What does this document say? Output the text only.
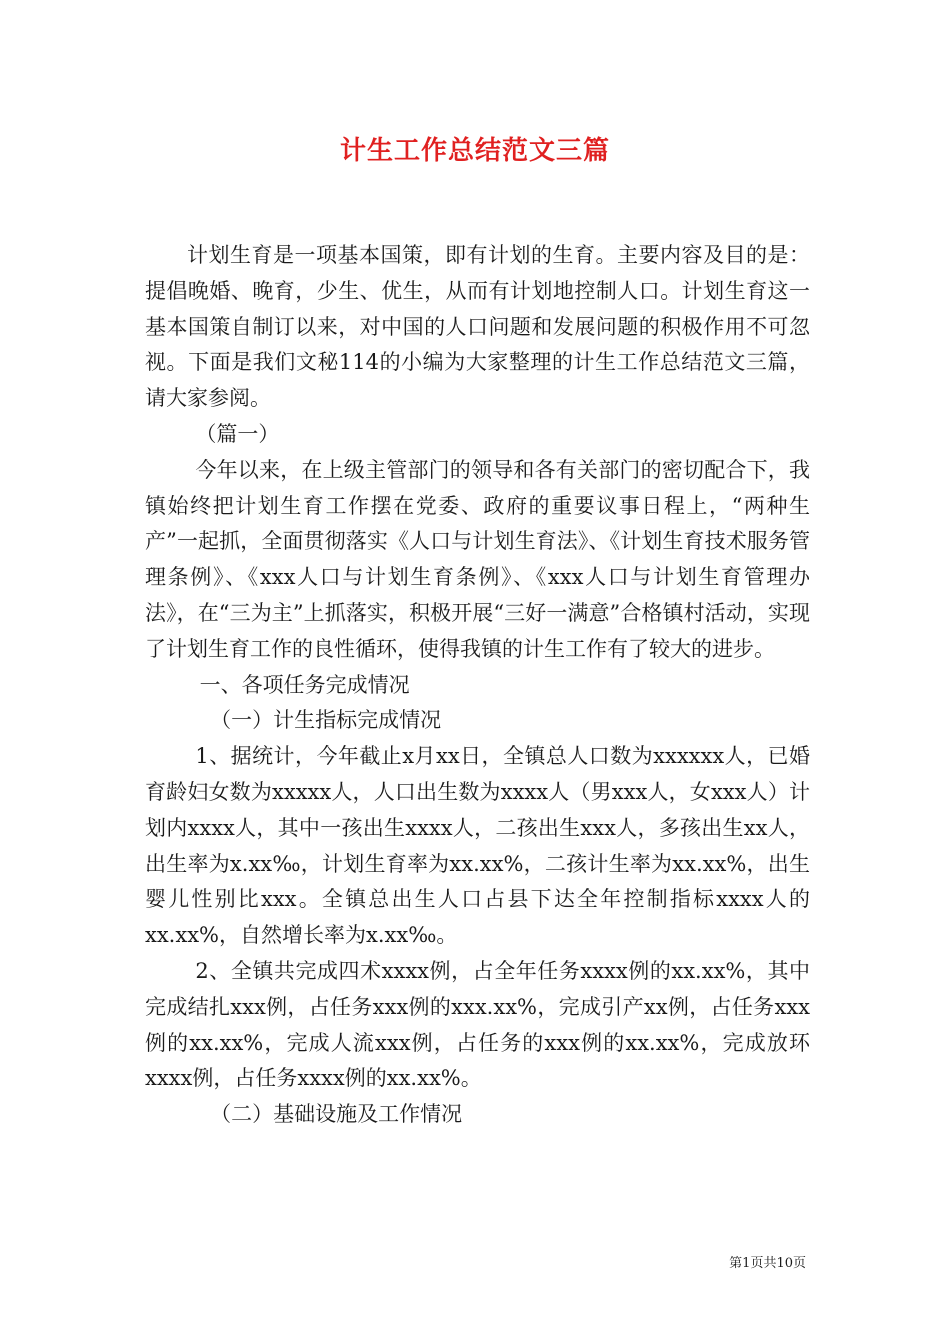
计生工作总结范文三篇

计划生育是一项基本国策，即有计划的生育。主要内容及目的是：提倡晚婚、晚育，少生、优生，从而有计划地控制人口。计划生育这一基本国策自制订以来，对中国的人口问题和发展问题的积极作用不可忽视。下面是我们文秘114的小编为大家整理的计生工作总结范文三篇，请大家参阅。

（篇一）

今年以来，在上级主管部门的领导和各有关部门的密切配合下，我镇始终把计划生育工作摆在党委、政府的重要议事日程上，“两种生产”一起抓，全面贯彻落实《人口与计划生育法》、《计划生育技术服务管理条例》、《xxx人口与计划生育条例》、《xxx人口与计划生育管理办法》，在“三为主”上抓落实，积极开展“三好一满意”合格镇村活动，实现了计划生育工作的良性循环，使得我镇的计生工作有了较大的进步。

一、各项任务完成情况

（一）计生指标完成情况

1、据统计，今年截止x月xx日，全镇总人口数为xxxxxx人，已婚育龄妇女数为xxxxx人，人口出生数为xxxx人（男xxx人，女xxx人）计划内xxxx人，其中一孩出生xxxx人，二孩出生xxx人，多孩出生xx人，出生率为x.xx‰，计划生育率为xx.xx%，二孩计生率为xx.xx%，出生婴儿性别比xxx。全镇总出生人口占县下达全年控制指标xxxx人的xx.xx%，自然增长率为x.xx‰。

2、全镇共完成四术xxxx例，占全年任务xxxx例的xx.xx%，其中完成结扎xxx例，占任务xxx例的xxx.xx%，完成引产xx例，占任务xxx例的xx.xx%，完成人流xxx例，占任务的xxx例的xx.xx%，完成放环xxxx例，占任务xxxx例的xx.xx%。

（二）基础设施及工作情况

第1页共10页
